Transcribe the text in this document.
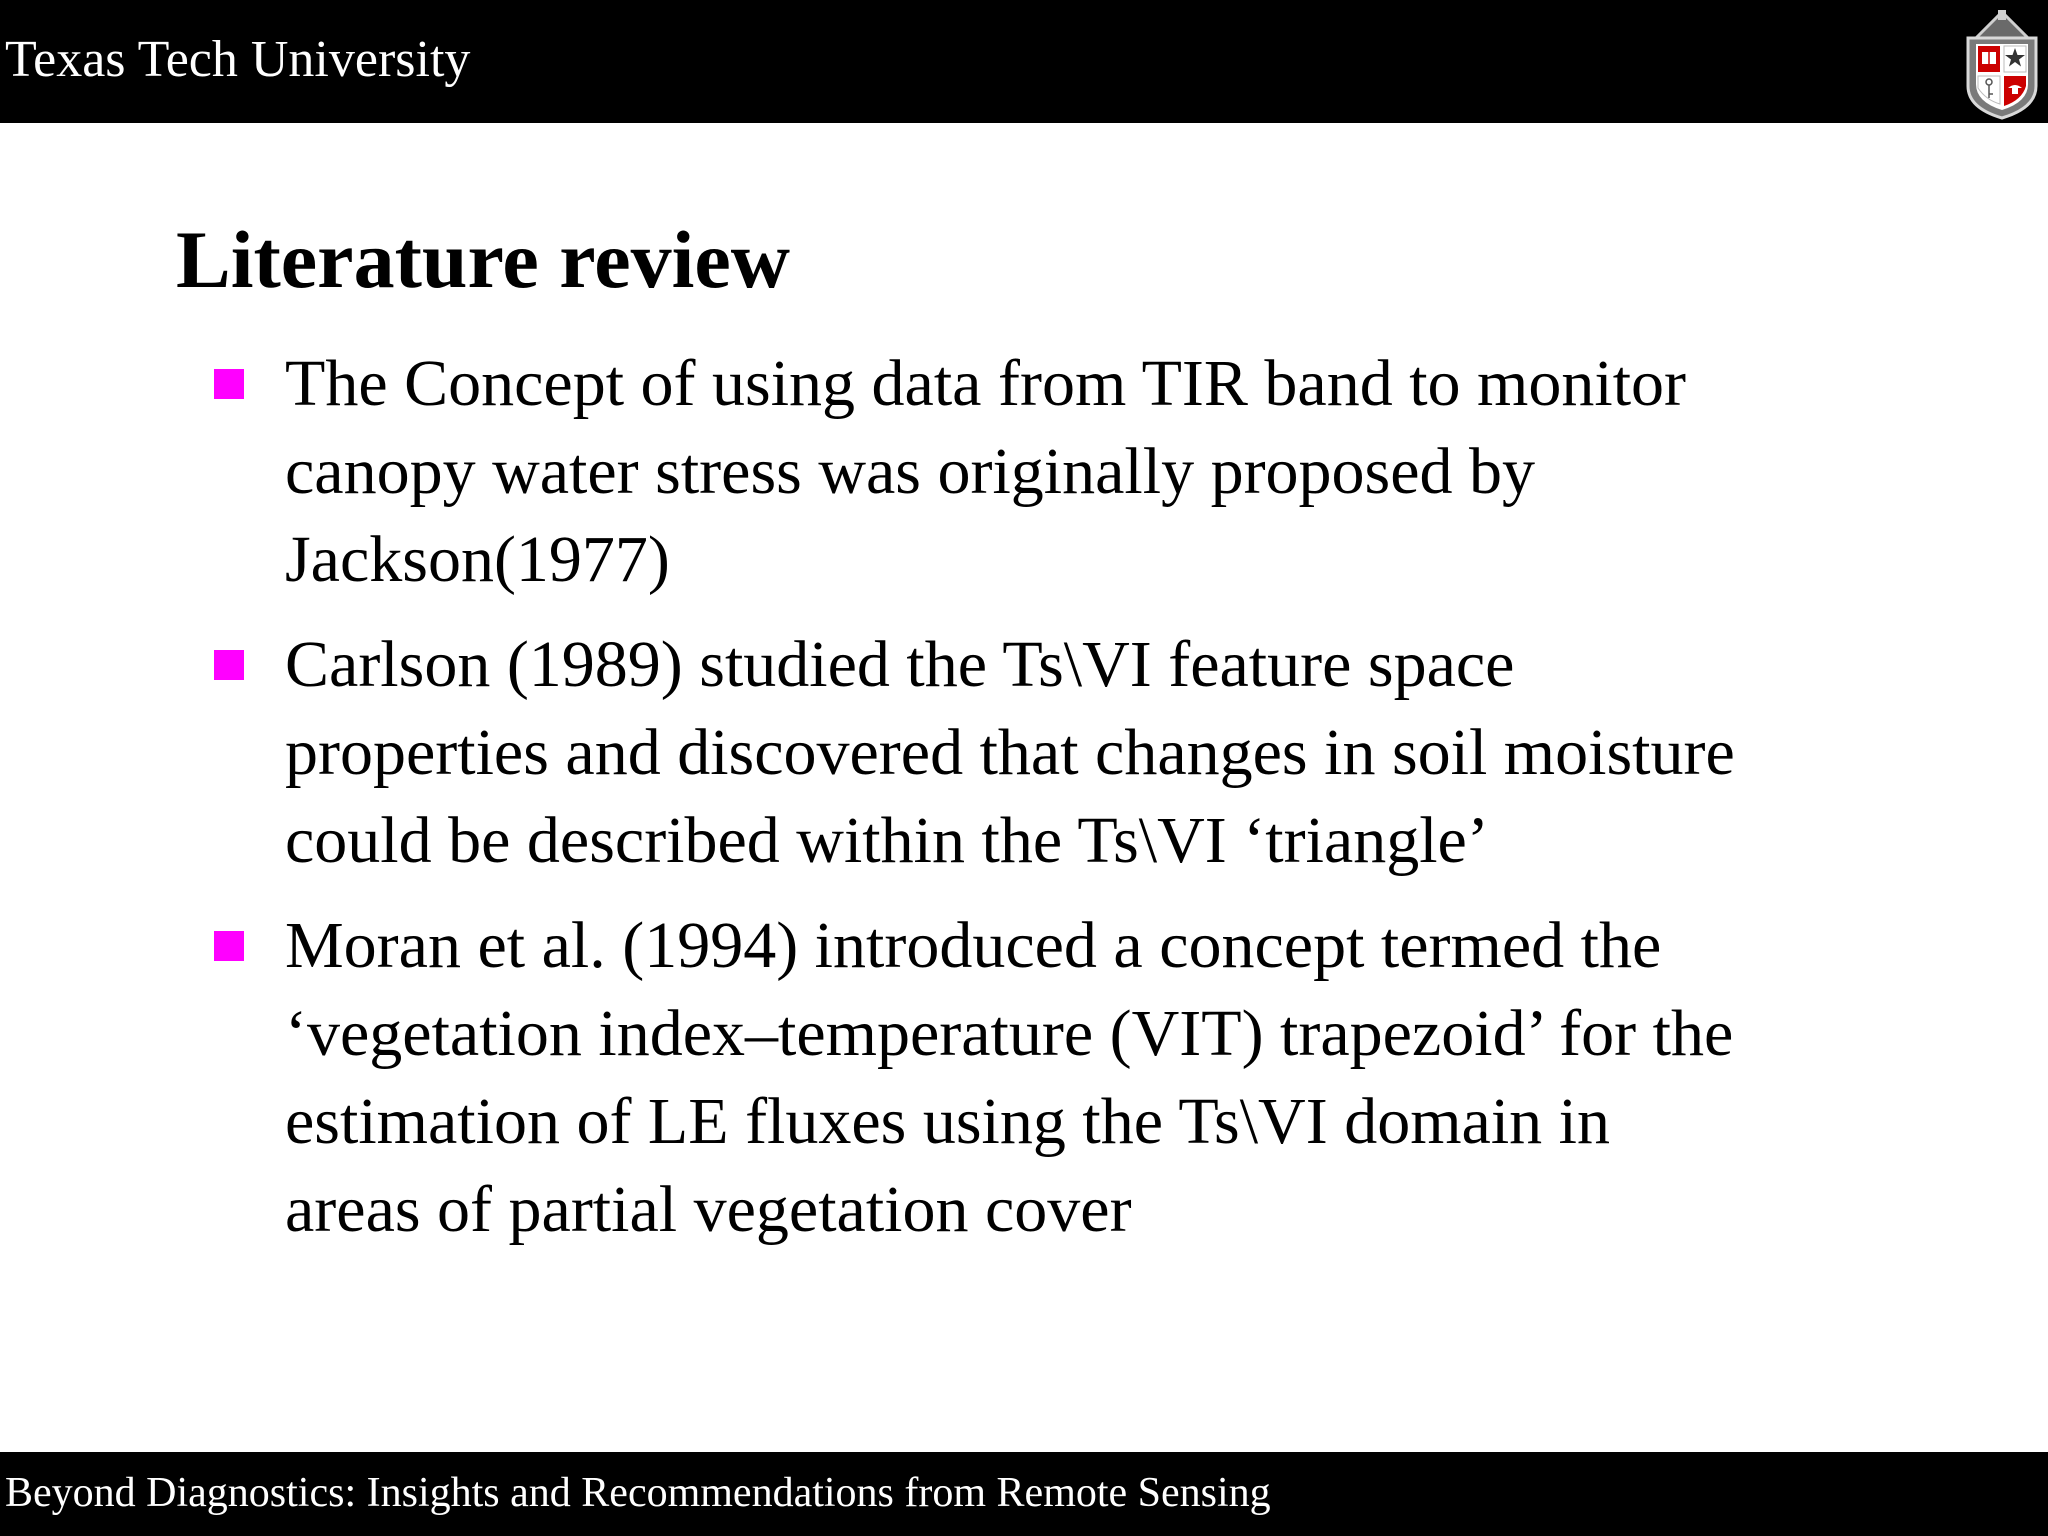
Texas Tech University
Literature review
The Concept of using data from TIR band to monitor
canopy water stress was originally proposed by
Jackson(1977)
Carlson (1989) studied the Ts\VI feature space
properties and discovered that changes in soil moisture
could be described within the Ts\VI ‘triangle’
Moran et al. (1994) introduced a concept termed the
‘vegetation index–temperature (VIT) trapezoid’ for the
estimation of LE fluxes using the Ts\VI domain in
areas of partial vegetation cover
Beyond Diagnostics: Insights and Recommendations from Remote Sensing
